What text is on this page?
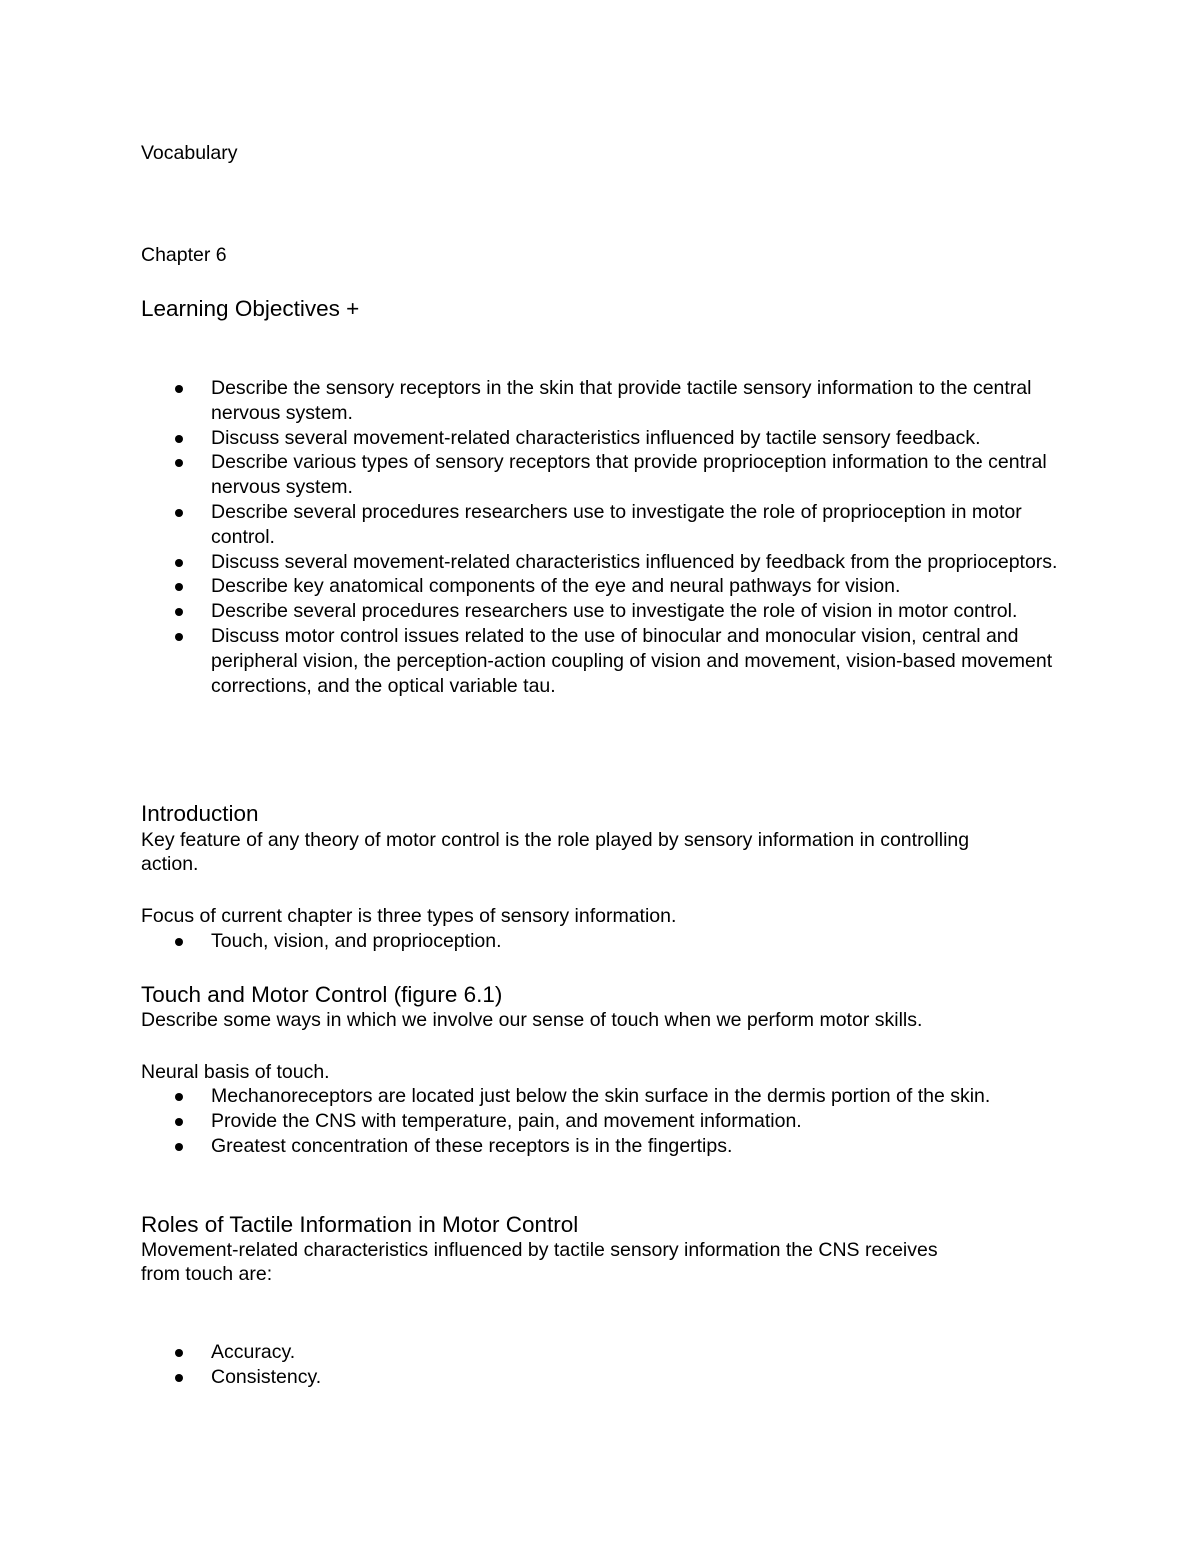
Vocabulary
Chapter 6
Learning Objectives +
Describe the sensory receptors in the skin that provide tactile sensory information to the central nervous system.
Discuss several movement-related characteristics influenced by tactile sensory feedback.
Describe various types of sensory receptors that provide proprioception information to the central nervous system.
Describe several procedures researchers use to investigate the role of proprioception in motor control.
Discuss several movement-related characteristics influenced by feedback from the proprioceptors.
Describe key anatomical components of the eye and neural pathways for vision.
Describe several procedures researchers use to investigate the role of vision in motor control.
Discuss motor control issues related to the use of binocular and monocular vision, central and peripheral vision, the perception-action coupling of vision and movement, vision-based movement corrections, and the optical variable tau.
Introduction
Key feature of any theory of motor control is the role played by sensory information in controlling
action.
Focus of current chapter is three types of sensory information.
Touch, vision, and proprioception.
Touch and Motor Control (figure 6.1)
Describe some ways in which we involve our sense of touch when we perform motor skills.
Neural basis of touch.
Mechanoreceptors are located just below the skin surface in the dermis portion of the skin.
Provide the CNS with temperature, pain, and movement information.
Greatest concentration of these receptors is in the fingertips.
Roles of Tactile Information in Motor Control
Movement-related characteristics influenced by tactile sensory information the CNS receives
from touch are:
Accuracy.
Consistency.
